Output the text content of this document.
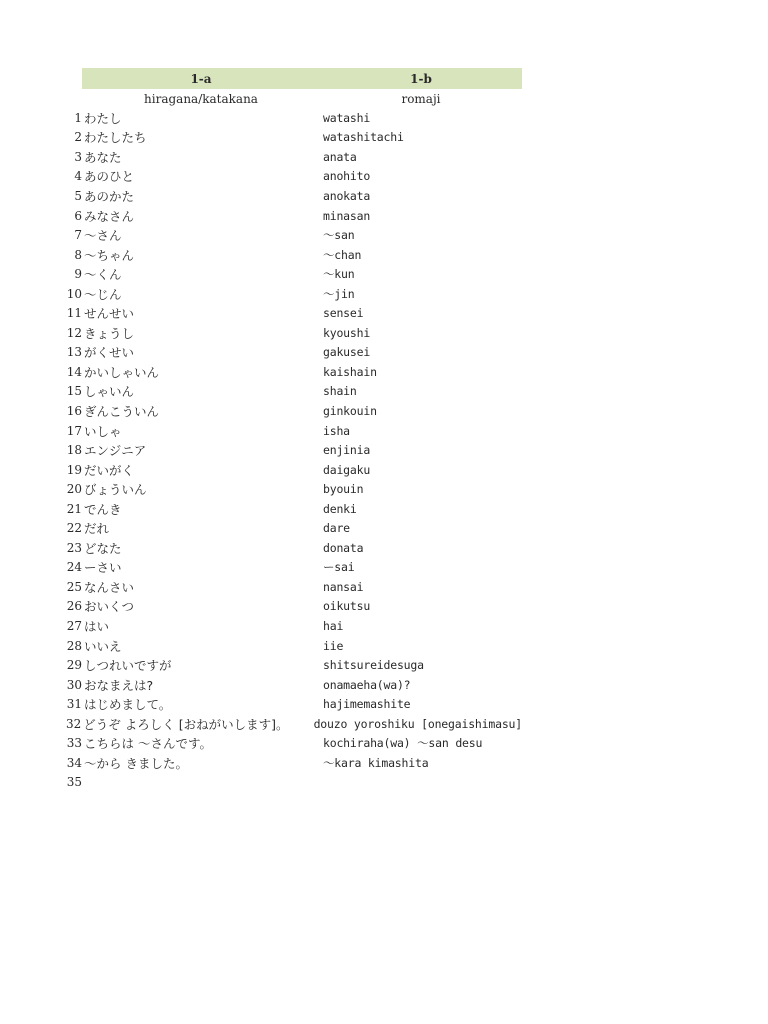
1-a	1-b
hiragana/katakana	romaji
1 わたし	watashi
2 わたしたち	watashitachi
3 あなた	anata
4 あのひと	anohito
5 あのかた	anokata
6 みなさん	minasan
7 ～さん	～san
8 ～ちゃん	～chan
9 ～くん	～kun
10 ～じん	～jin
11 せんせい	sensei
12 きょうし	kyoushi
13 がくせい	gakusei
14 かいしゃいん	kaishain
15 しゃいん	shain
16 ぎんこういん	ginkouin
17 いしゃ	isha
18 エンジニア	enjinia
19 だいがく	daigaku
20 びょういん	byouin
21 でんき	denki
22 だれ	dare
23 どなた	donata
24 ーさい	ーsai
25 なんさい	nansai
26 おいくつ	oikutsu
27 はい	hai
28 いいえ	iie
29 しつれいですが	shitsureidesuga
30 おなまえは?	onamaeha(wa)?
31 はじめまして。	hajimemashite
32 どうぞ よろしく [おねがいします]。	douzo yoroshiku [onegaishimasu]
33 こちらは ～さんです。	kochiraha(wa) ～san desu
34 ～から きました。	～kara kimashita
35
